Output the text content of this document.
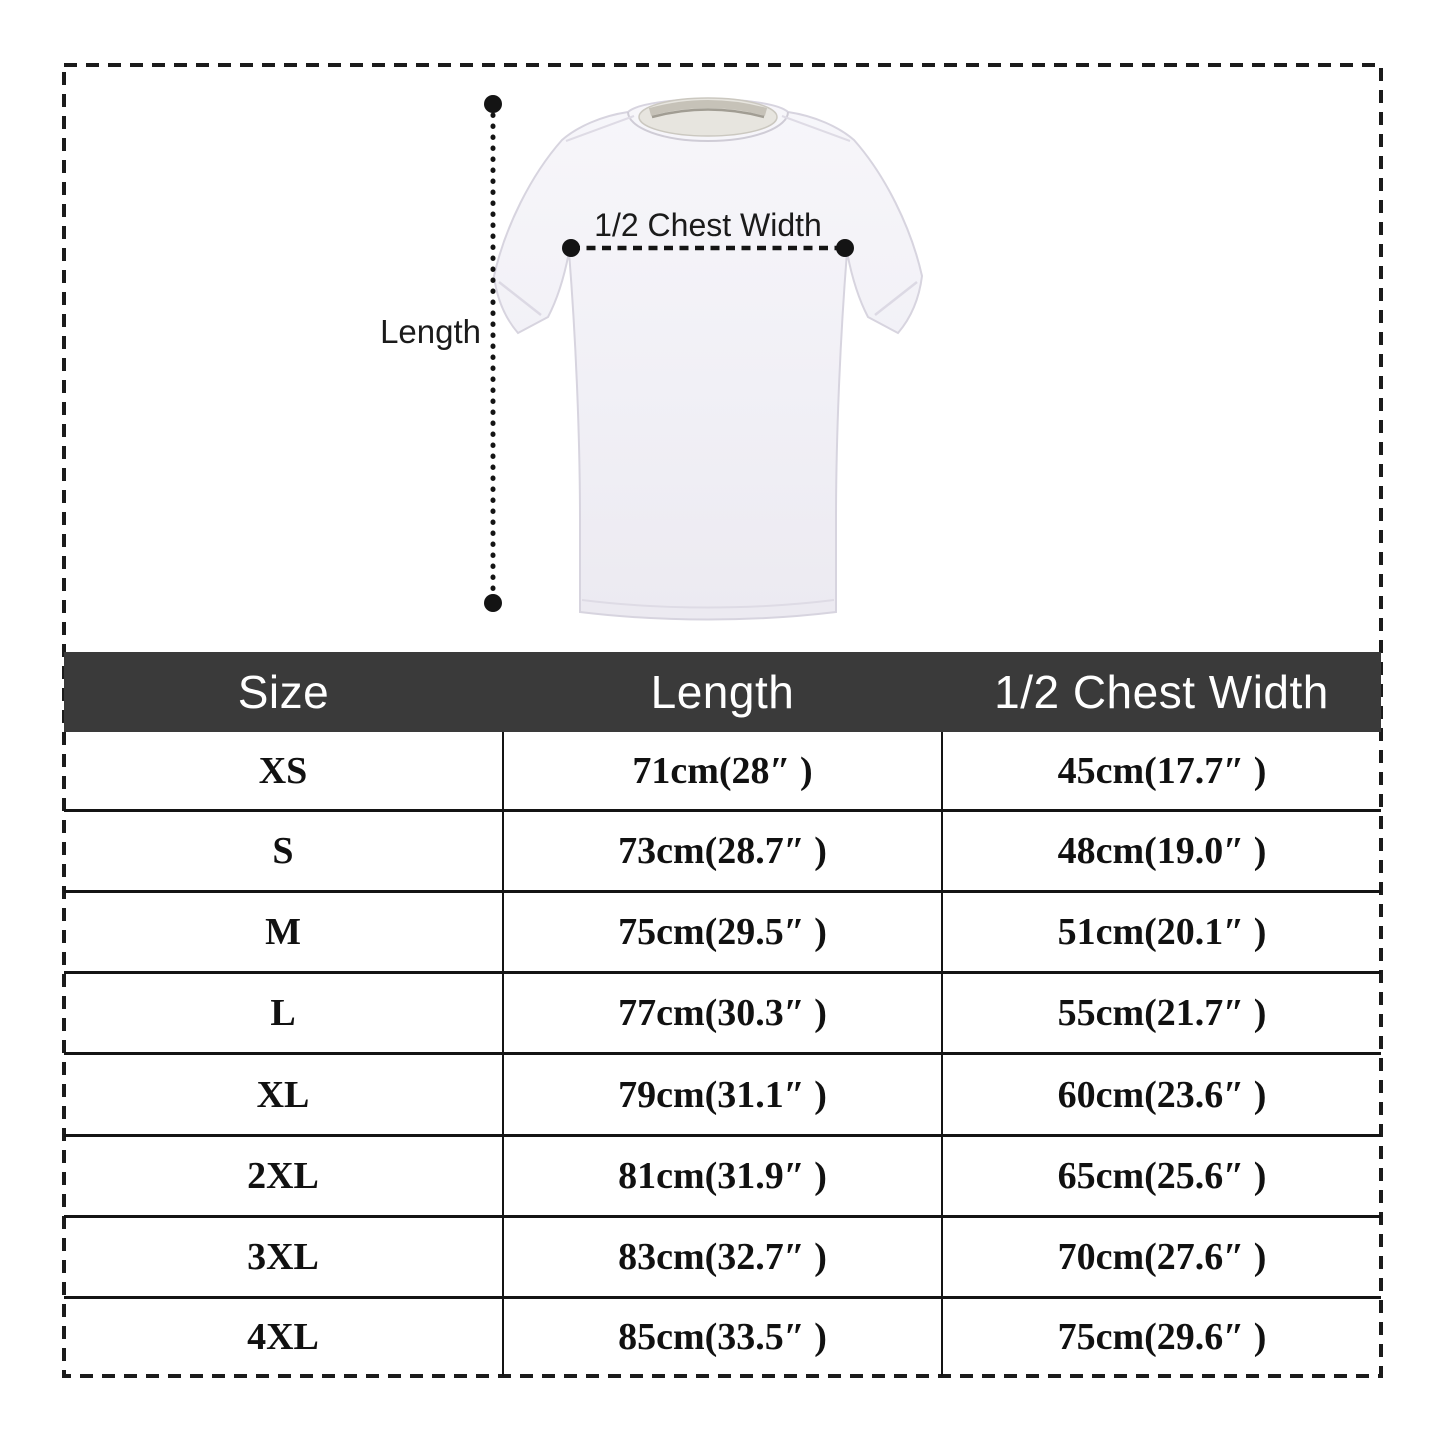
Length
1/2 Chest Width
Size	Length	1/2 Chest Width
XS	71cm(28″ )	45cm(17.7″ )
S	73cm(28.7″ )	48cm(19.0″ )
M	75cm(29.5″ )	51cm(20.1″ )
L	77cm(30.3″ )	55cm(21.7″ )
XL	79cm(31.1″ )	60cm(23.6″ )
2XL	81cm(31.9″ )	65cm(25.6″ )
3XL	83cm(32.7″ )	70cm(27.6″ )
4XL	85cm(33.5″ )	75cm(29.6″ )
